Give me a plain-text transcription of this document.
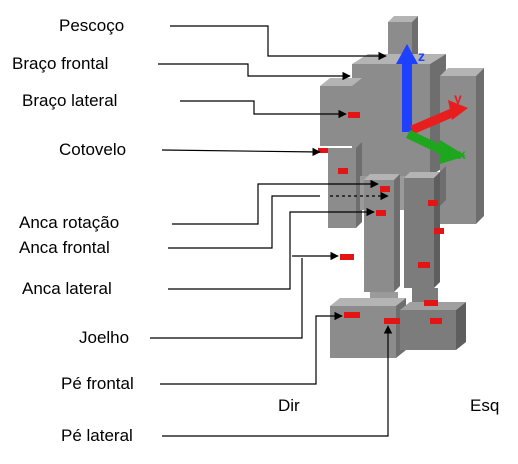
z
y
x
Pescoço
Braço frontal
Braço lateral
Cotovelo
Anca rotação
Anca frontal
Anca lateral
Joelho
Pé frontal
Pé lateral
Dir	Esq
